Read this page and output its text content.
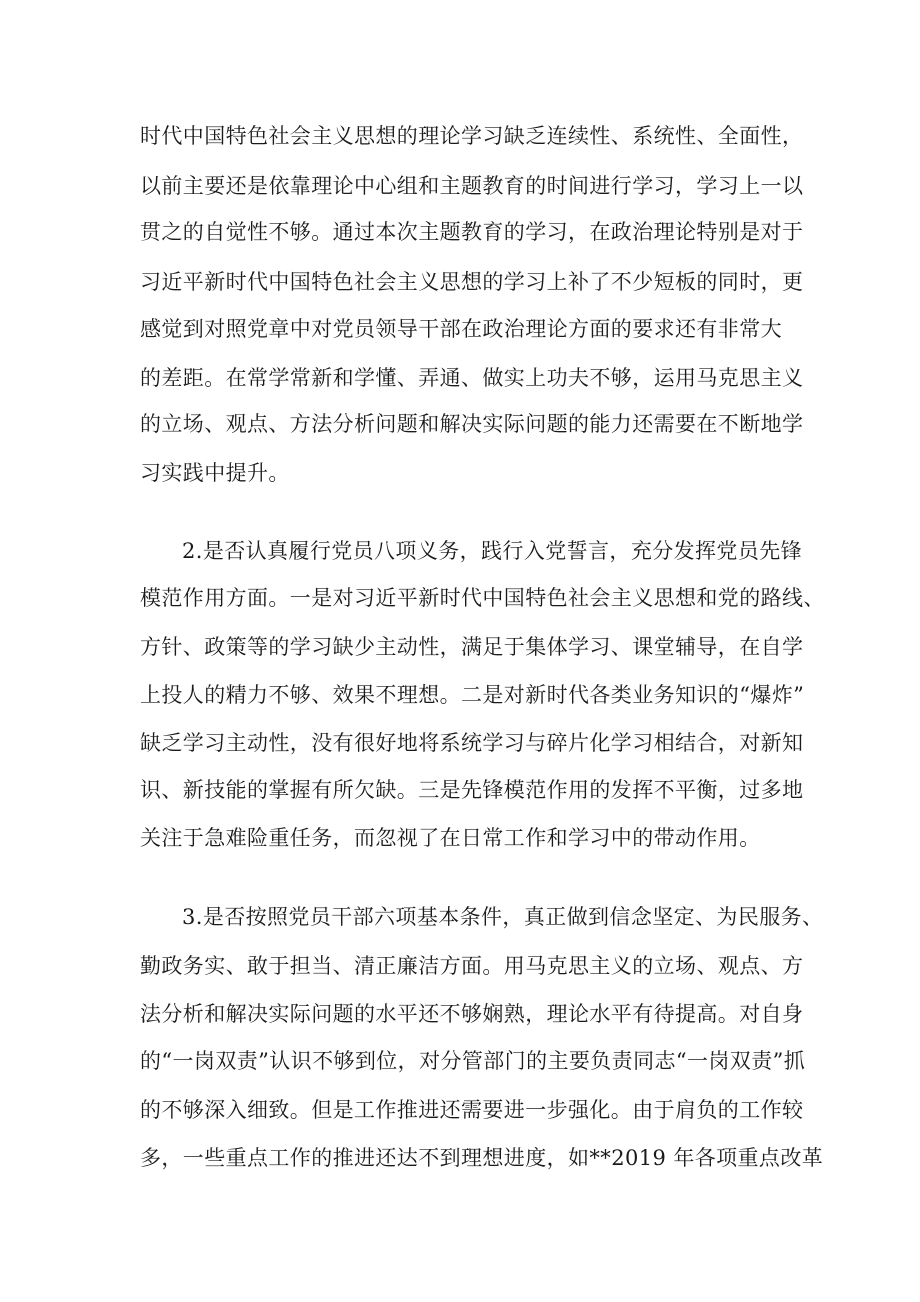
时代中国特色社会主义思想的理论学习缺乏连续性、系统性、全面性，
以前主要还是依靠理论中心组和主题教育的时间进行学习，学习上一以
贯之的自觉性不够。通过本次主题教育的学习，在政治理论特别是对于
习近平新时代中国特色社会主义思想的学习上补了不少短板的同时，更
感觉到对照党章中对党员领导干部在政治理论方面的要求还有非常大
的差距。在常学常新和学懂、弄通、做实上功夫不够，运用马克思主义
的立场、观点、方法分析问题和解决实际问题的能力还需要在不断地学
习实践中提升。
2.是否认真履行党员八项义务，践行入党誓言，充分发挥党员先锋
模范作用方面。一是对习近平新时代中国特色社会主义思想和党的路线、
方针、政策等的学习缺少主动性，满足于集体学习、课堂辅导，在自学
上投人的精力不够、效果不理想。二是对新时代各类业务知识的“爆炸”
缺乏学习主动性，没有很好地将系统学习与碎片化学习相结合，对新知
识、新技能的掌握有所欠缺。三是先锋模范作用的发挥不平衡，过多地
关注于急难险重任务，而忽视了在日常工作和学习中的带动作用。
3.是否按照党员干部六项基本条件，真正做到信念坚定、为民服务、
勤政务实、敢于担当、清正廉洁方面。用马克思主义的立场、观点、方
法分析和解决实际问题的水平还不够娴熟，理论水平有待提高。对自身
的“一岗双责”认识不够到位，对分管部门的主要负责同志“一岗双责”抓
的不够深入细致。但是工作推进还需要进一步强化。由于肩负的工作较
多，一些重点工作的推进还达不到理想进度，如**2019 年各项重点改革
